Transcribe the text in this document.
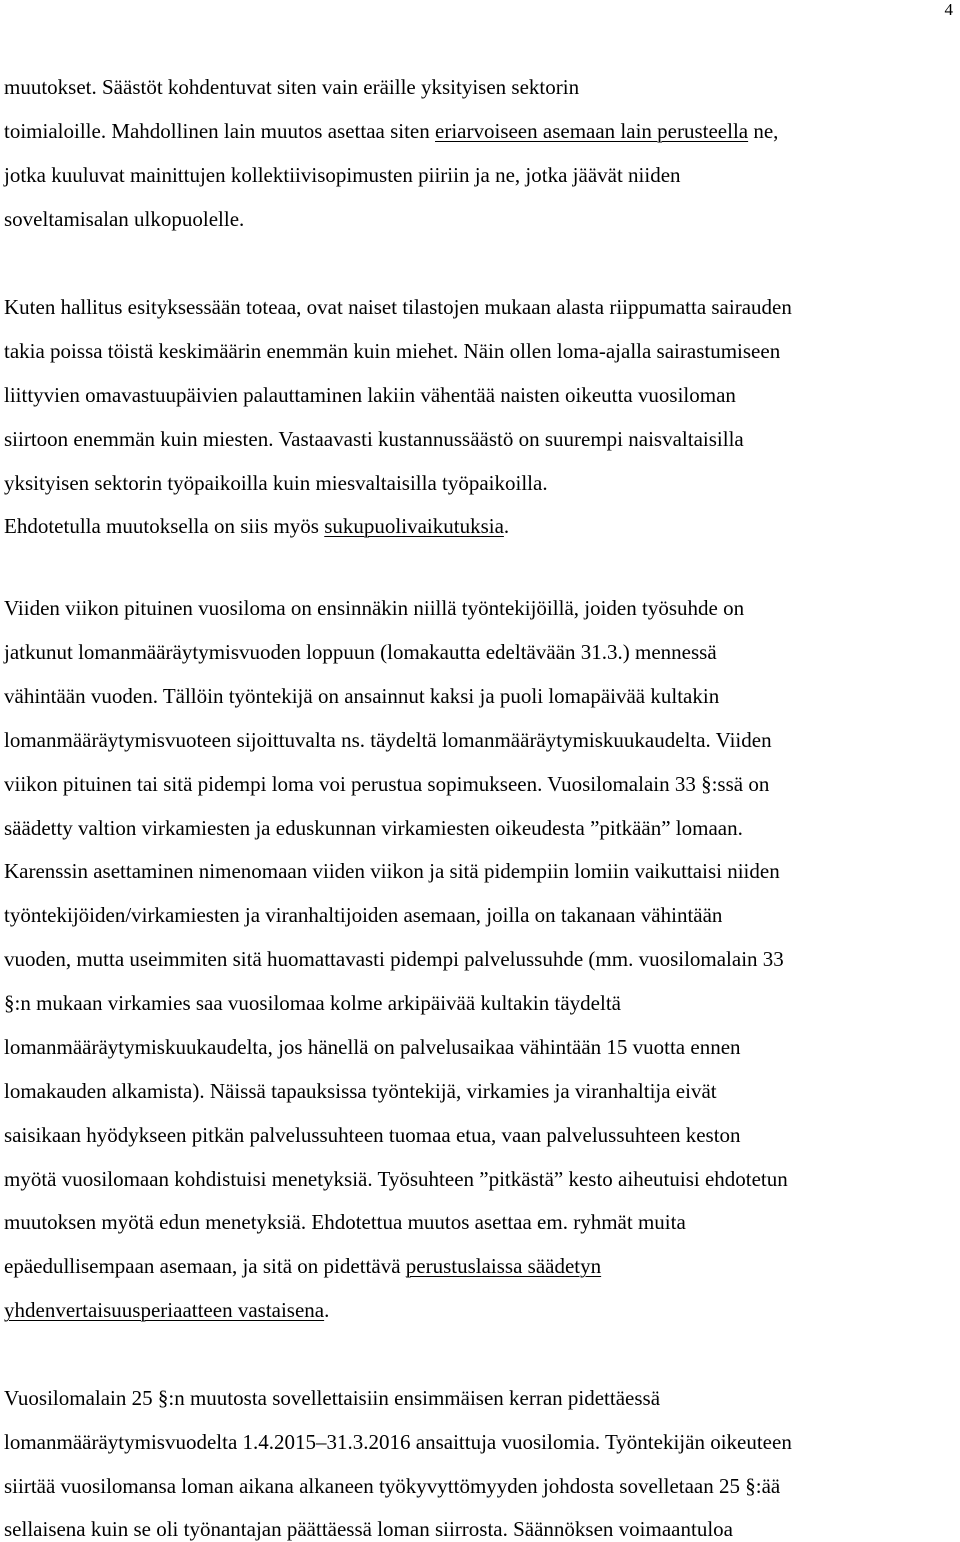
4
muutokset. Säästöt kohdentuvat siten vain eräille yksityisen sektorin
toimialoille. Mahdollinen lain muutos asettaa siten eriarvoiseen asemaan lain perusteella ne,
jotka kuuluvat mainittujen kollektiivisopimusten piiriin ja ne, jotka jäävät niiden
soveltamisalan ulkopuolelle.
Kuten hallitus esityksessään toteaa, ovat naiset tilastojen mukaan alasta riippumatta sairauden
takia poissa töistä keskimäärin enemmän kuin miehet. Näin ollen loma-ajalla sairastumiseen
liittyvien omavastuupäivien palauttaminen lakiin vähentää naisten oikeutta vuosiloman
siirtoon enemmän kuin miesten. Vastaavasti kustannussäästö on suurempi naisvaltaisilla
yksityisen sektorin työpaikoilla kuin miesvaltaisilla työpaikoilla.
Ehdotetulla muutoksella on siis myös sukupuolivaikutuksia.
Viiden viikon pituinen vuosiloma on ensinnäkin niillä työntekijöillä, joiden työsuhde on
jatkunut lomanmääräytymisvuoden loppuun (lomakautta edeltävään 31.3.) mennessä
vähintään vuoden. Tällöin työntekijä on ansainnut kaksi ja puoli lomapäivää kultakin
lomanmääräytymisvuoteen sijoittuvalta ns. täydeltä lomanmääräytymiskuukaudelta. Viiden
viikon pituinen tai sitä pidempi loma voi perustua sopimukseen. Vuosilomalain 33 §:ssä on
säädetty valtion virkamiesten ja eduskunnan virkamiesten oikeudesta ”pitkään” lomaan.
Karenssin asettaminen nimenomaan viiden viikon ja sitä pidempiin lomiin vaikuttaisi niiden
työntekijöiden/virkamiesten ja viranhaltijoiden asemaan, joilla on takanaan vähintään
vuoden, mutta useimmiten sitä huomattavasti pidempi palvelussuhde (mm. vuosilomalain 33
§:n mukaan virkamies saa vuosilomaa kolme arkipäivää kultakin täydeltä
lomanmääräytymiskuukaudelta, jos hänellä on palvelusaikaa vähintään 15 vuotta ennen
lomakauden alkamista). Näissä tapauksissa työntekijä, virkamies ja viranhaltija eivät
saisikaan hyödykseen pitkän palvelussuhteen tuomaa etua, vaan palvelussuhteen keston
myötä vuosilomaan kohdistuisi menetyksiä. Työsuhteen ”pitkästä” kesto aiheutuisi ehdotetun
muutoksen myötä edun menetyksiä. Ehdotettua muutos asettaa em. ryhmät muita
epäedullisempaan asemaan, ja sitä on pidettävä perustuslaissa säädetyn
yhdenvertaisuusperiaatteen vastaisena.
Vuosilomalain 25 §:n muutosta sovellettaisiin ensimmäisen kerran pidettäessä
lomanmääräytymisvuodelta 1.4.2015–31.3.2016 ansaittuja vuosilomia. Työntekijän oikeuteen
siirtää vuosilomansa loman aikana alkaneen työkyvyttömyyden johdosta sovelletaan 25 §:ää
sellaisena kuin se oli työnantajan päättäessä loman siirrosta. Säännöksen voimaantuloa
